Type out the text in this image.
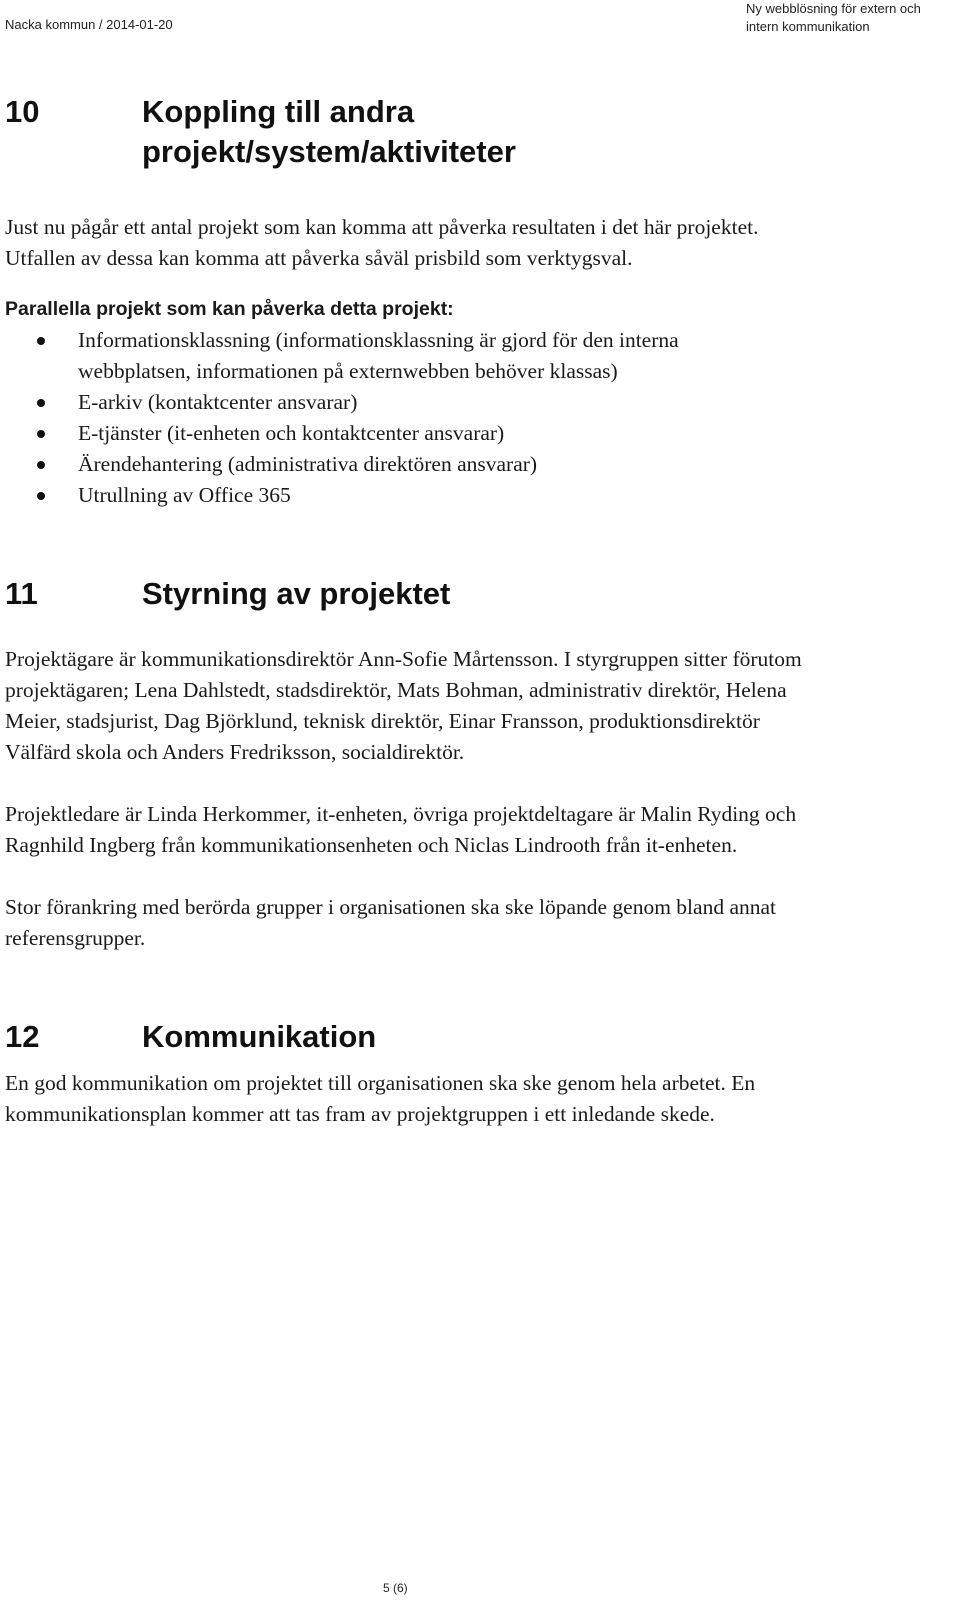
Nacka kommun / 2014-01-20
Ny webblösning för extern och intern kommunikation
10	Koppling till andra projekt/system/aktiviteter

Just nu pågår ett antal projekt som kan komma att påverka resultaten i det här projektet. Utfallen av dessa kan komma att påverka såväl prisbild som verktygsval.

Parallella projekt som kan påverka detta projekt:

Informationsklassning (informationsklassning är gjord för den interna webbplatsen, informationen på externwebben behöver klassas)
E-arkiv (kontaktcenter ansvarar)
E-tjänster (it-enheten och kontaktcenter ansvarar)
Ärendehantering (administrativa direktören ansvarar)
Utrullning av Office 365
11	Styrning av projektet

Projektägare är kommunikationsdirektör Ann-Sofie Mårtensson. I styrgruppen sitter förutom projektägaren; Lena Dahlstedt, stadsdirektör, Mats Bohman, administrativ direktör, Helena Meier, stadsjurist, Dag Björklund, teknisk direktör, Einar Fransson, produktionsdirektör Välfärd skola och Anders Fredriksson, socialdirektör.

Projektledare är Linda Herkommer, it-enheten, övriga projektdeltagare är Malin Ryding och Ragnhild Ingberg från kommunikationsenheten och Niclas Lindrooth från it-enheten.

Stor förankring med berörda grupper i organisationen ska ske löpande genom bland annat referensgrupper.

12	Kommunikation

En god kommunikation om projektet till organisationen ska ske genom hela arbetet. En kommunikationsplan kommer att tas fram av projektgruppen i ett inledande skede.

5 (6)
